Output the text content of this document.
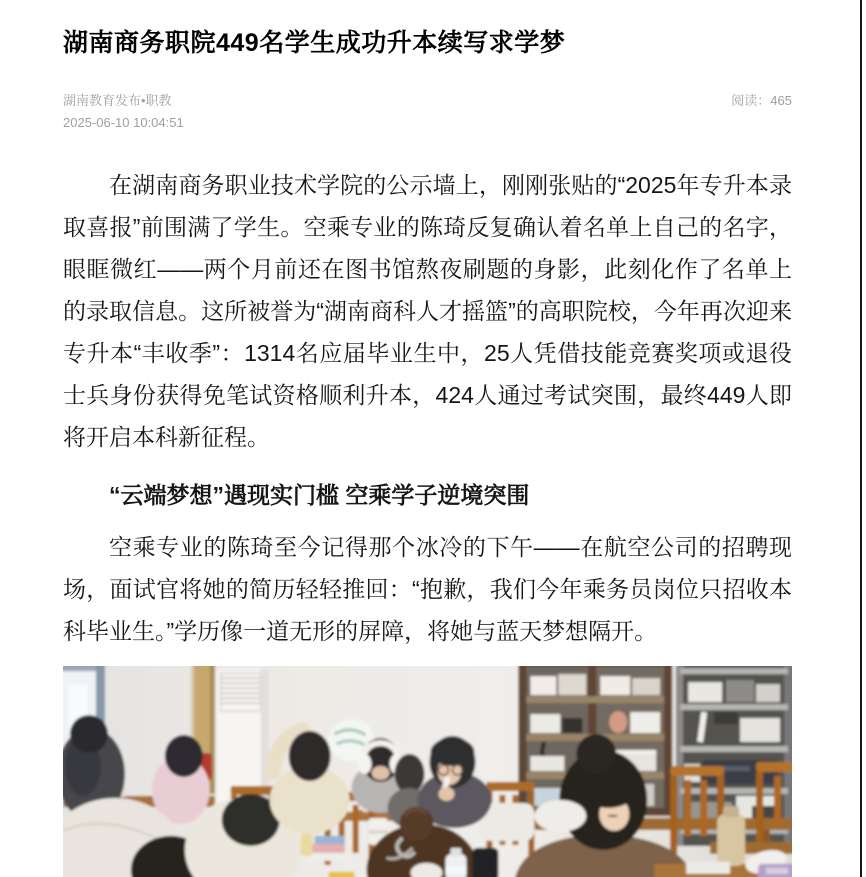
湖南商务职院449名学生成功升本续写求学梦
湖南教育发布•职教
2025-06-10 10:04:51
阅读：465

在湖南商务职业技术学院的公示墙上，刚刚张贴的“2025年专升本录取喜报”前围满了学生。空乘专业的陈琦反复确认着名单上自己的名字，眼眶微红——两个月前还在图书馆熬夜刷题的身影，此刻化作了名单上的录取信息。这所被誉为“湖南商科人才摇篮”的高职院校，今年再次迎来专升本“丰收季”：1314名应届毕业生中，25人凭借技能竞赛奖项或退役士兵身份获得免笔试资格顺利升本，424人通过考试突围，最终449人即将开启本科新征程。

“云端梦想”遇现实门槛 空乘学子逆境突围

空乘专业的陈琦至今记得那个冰冷的下午——在航空公司的招聘现场，面试官将她的简历轻轻推回：“抱歉，我们今年乘务员岗位只招收本科毕业生。”学历像一道无形的屏障，将她与蓝天梦想隔开。
